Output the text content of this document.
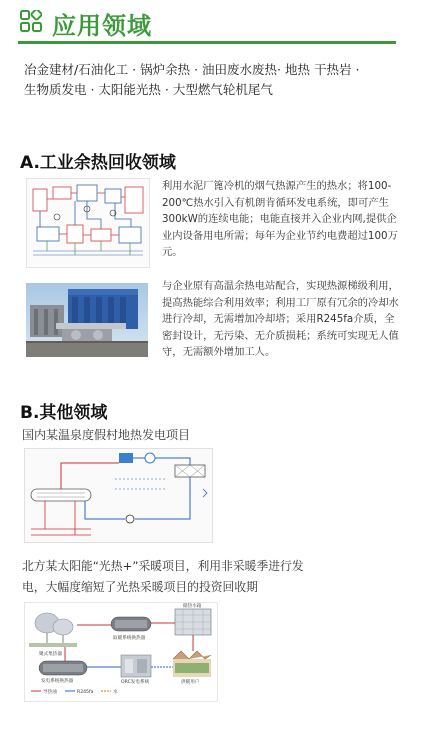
应用领域
冶金建材/石油化工 · 锅炉余热 · 油田废水废热· 地热 干热岩 ·
生物质发电 · 太阳能光热 · 大型燃气轮机尾气
A.工业余热回收领域
利用水泥厂篦冷机的烟气热源产生的热水；将100-200℃热水引入有机朗肯循环发电系统，即可产生300kW的连续电能；电能直接并入企业内网,提供企业内设备用电所需；每年为企业节约电费超过100万元。
与企业原有高温余热电站配合，实现热源梯级利用，提高热能综合利用效率；利用工厂原有冗余的冷却水进行冷却，无需增加冷却塔；采用R245fa介质，全密封设计，无污染、无介质损耗；系统可实现无人值守，无需额外增加工人。
B.其他领域
国内某温泉度假村地热发电项目
北方某太阳能“光热+”采暖项目，利用非采暖季进行发
电，大幅度缩短了光热采暖项目的投资回收期
聚式集热器
取暖系统换热器
发电系统换热器
储热水箱
ORC发电系统	供暖用户
导热油	R245fa	水
